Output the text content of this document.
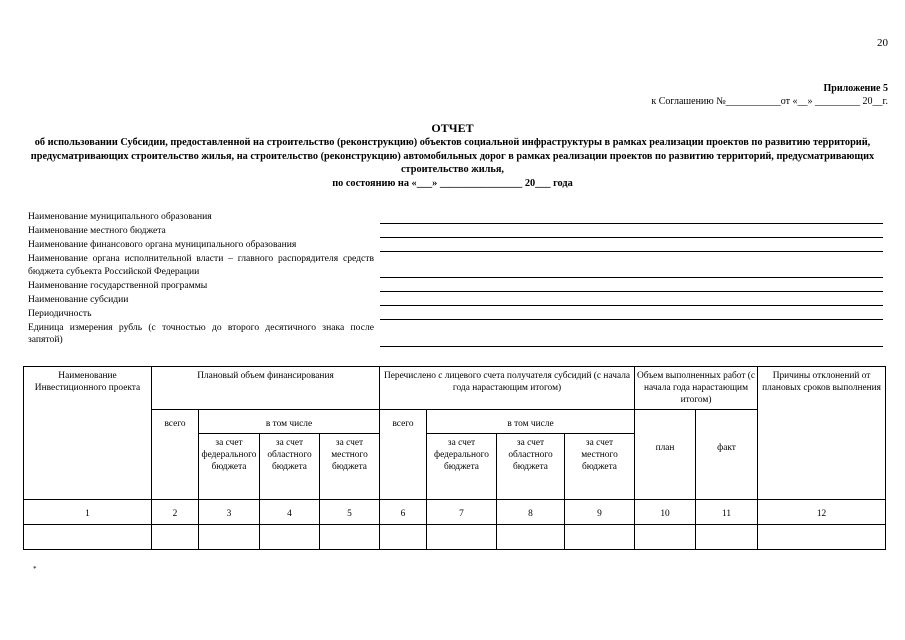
20
Приложение 5
к Соглашению №___________от «__» _________ 20__г.
ОТЧЕТ
об использовании Субсидии, предоставленной на строительство (реконструкцию) объектов социальной инфраструктуры в рамках реализации проектов по развитию территорий, предусматривающих строительство жилья, на строительство (реконструкцию) автомобильных дорог в рамках реализации проектов по развитию территорий, предусматривающих строительство жилья,
по состоянию на «___» ________________ 20___ года
Наименование муниципального образования
Наименование местного бюджета
Наименование финансового органа муниципального образования
Наименование органа исполнительной власти – главного распорядителя средств бюджета субъекта Российской Федерации
Наименование государственной программы
Наименование субсидии
Периодичность
Единица измерения рубль (с точностью до второго десятичного знака после запятой)
Наименование Инвестиционного проекта	Плановый объем финансирования				Перечислено с лицевого счета получателя субсидий (с начала года нарастающим итогом)				Объем выполненных работ (с начала года нарастающим итогом)		Причины отклонений от плановых сроков выполнения
	всего	в том числе			всего	в том числе			план	факт	
		за счет федерального бюджета	за счет областного бюджета	за счет местного бюджета		за счет федерального бюджета	за счет областного бюджета	за счет местного бюджета			
1	2	3	4	5	6	7	8	9	10	11	12

*
